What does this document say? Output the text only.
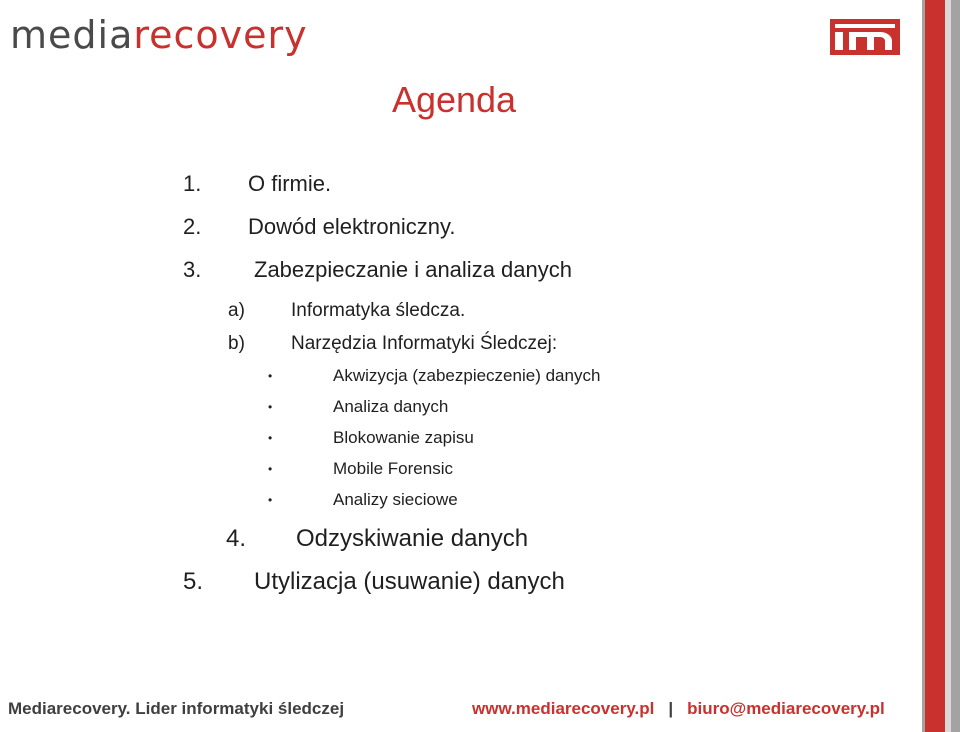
mediarecovery
Agenda
1. O firmie.
2. Dowód elektroniczny.
3. Zabezpieczanie i analiza danych
a) Informatyka śledcza.
b) Narzędzia Informatyki Śledczej:
•	Akwizycja (zabezpieczenie) danych
•	Analiza danych
•	Blokowanie zapisu
•	Mobile Forensic
•	Analizy sieciowe
4. Odzyskiwanie danych
5. Utylizacja (usuwanie) danych
Mediarecovery. Lider informatyki śledczej	www.mediarecovery.pl | biuro@mediarecovery.pl
